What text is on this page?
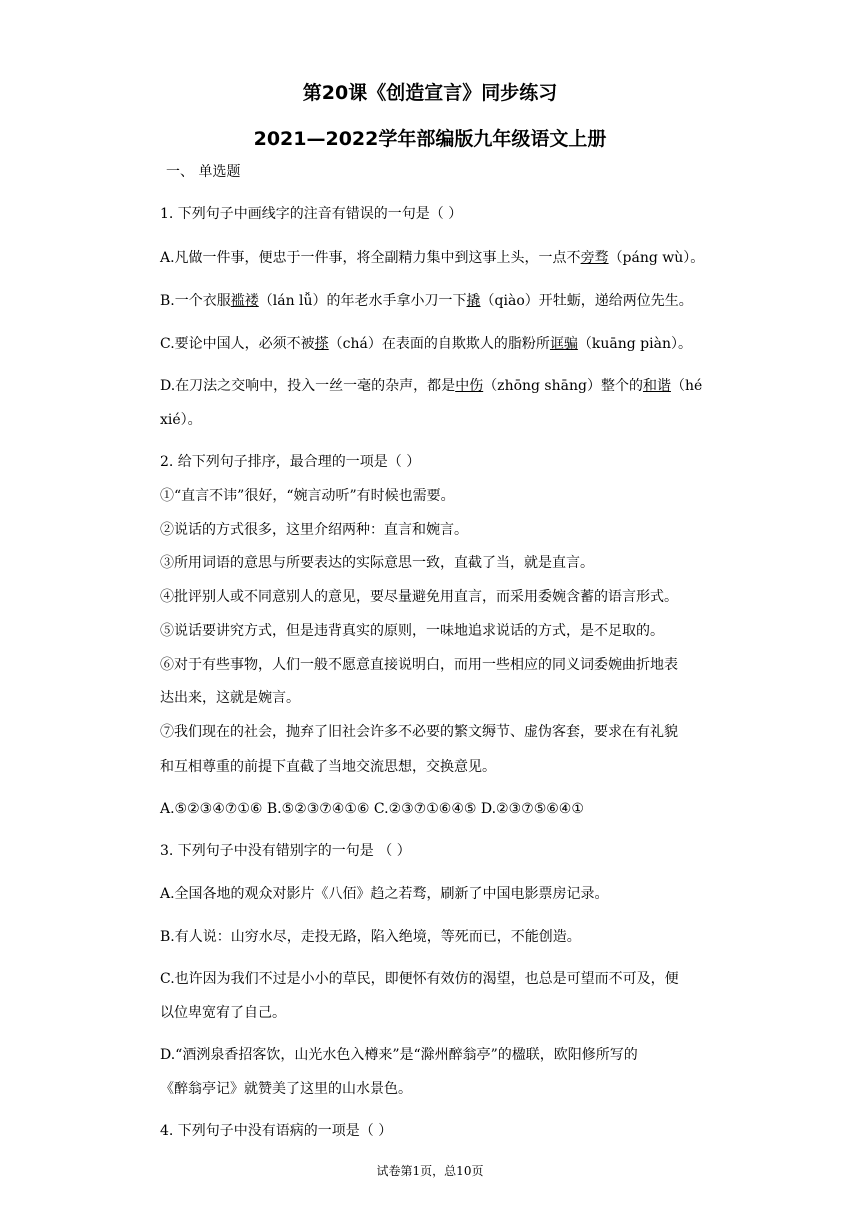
第20课《创造宣言》同步练习
2021—2022学年部编版九年级语文上册
一、 单选题
1. 下列句子中画线字的注音有错误的一句是（ ）
A.凡做一件事，便忠于一件事，将全副精力集中到这事上头，一点不旁骛（páng wù）。
B.一个衣服褴褛（lán lǚ）的年老水手拿小刀一下撬（qiào）开牡蛎，递给两位先生。
C.要论中国人，必须不被搽（chá）在表面的自欺欺人的脂粉所诓骗（kuāng piàn）。
D.在刀法之交响中，投入一丝一毫的杂声，都是中伤（zhōng shāng）整个的和谐（hé
xié）。
2. 给下列句子排序，最合理的一项是（ ）
①“直言不讳”很好，“婉言动听”有时候也需要。
②说话的方式很多，这里介绍两种：直言和婉言。
③所用词语的意思与所要表达的实际意思一致，直截了当，就是直言。
④批评别人或不同意别人的意见，要尽量避免用直言，而采用委婉含蓄的语言形式。
⑤说话要讲究方式，但是违背真实的原则，一味地追求说话的方式，是不足取的。
⑥对于有些事物，人们一般不愿意直接说明白，而用一些相应的同义词委婉曲折地表
达出来，这就是婉言。
⑦我们现在的社会，抛弃了旧社会许多不必要的繁文缛节、虚伪客套，要求在有礼貌
和互相尊重的前提下直截了当地交流思想，交换意见。
A.⑤②③④⑦①⑥ B.⑤②③⑦④①⑥ C.②③⑦①⑥④⑤ D.②③⑦⑤⑥④①
3. 下列句子中没有错别字的一句是 （ ）
A.全国各地的观众对影片《八佰》趋之若骛，刷新了中国电影票房记录。
B.有人说：山穷水尽，走投无路，陷入绝境，等死而已，不能创造。
C.也许因为我们不过是小小的草民，即便怀有效仿的渴望，也总是可望而不可及，便
以位卑宽宥了自己。
D.“酒洌泉香招客饮，山光水色入樽来”是“滁州醉翁亭”的楹联，欧阳修所写的
《醉翁亭记》就赞美了这里的山水景色。
4. 下列句子中没有语病的一项是（ ）
试卷第1页，总10页
